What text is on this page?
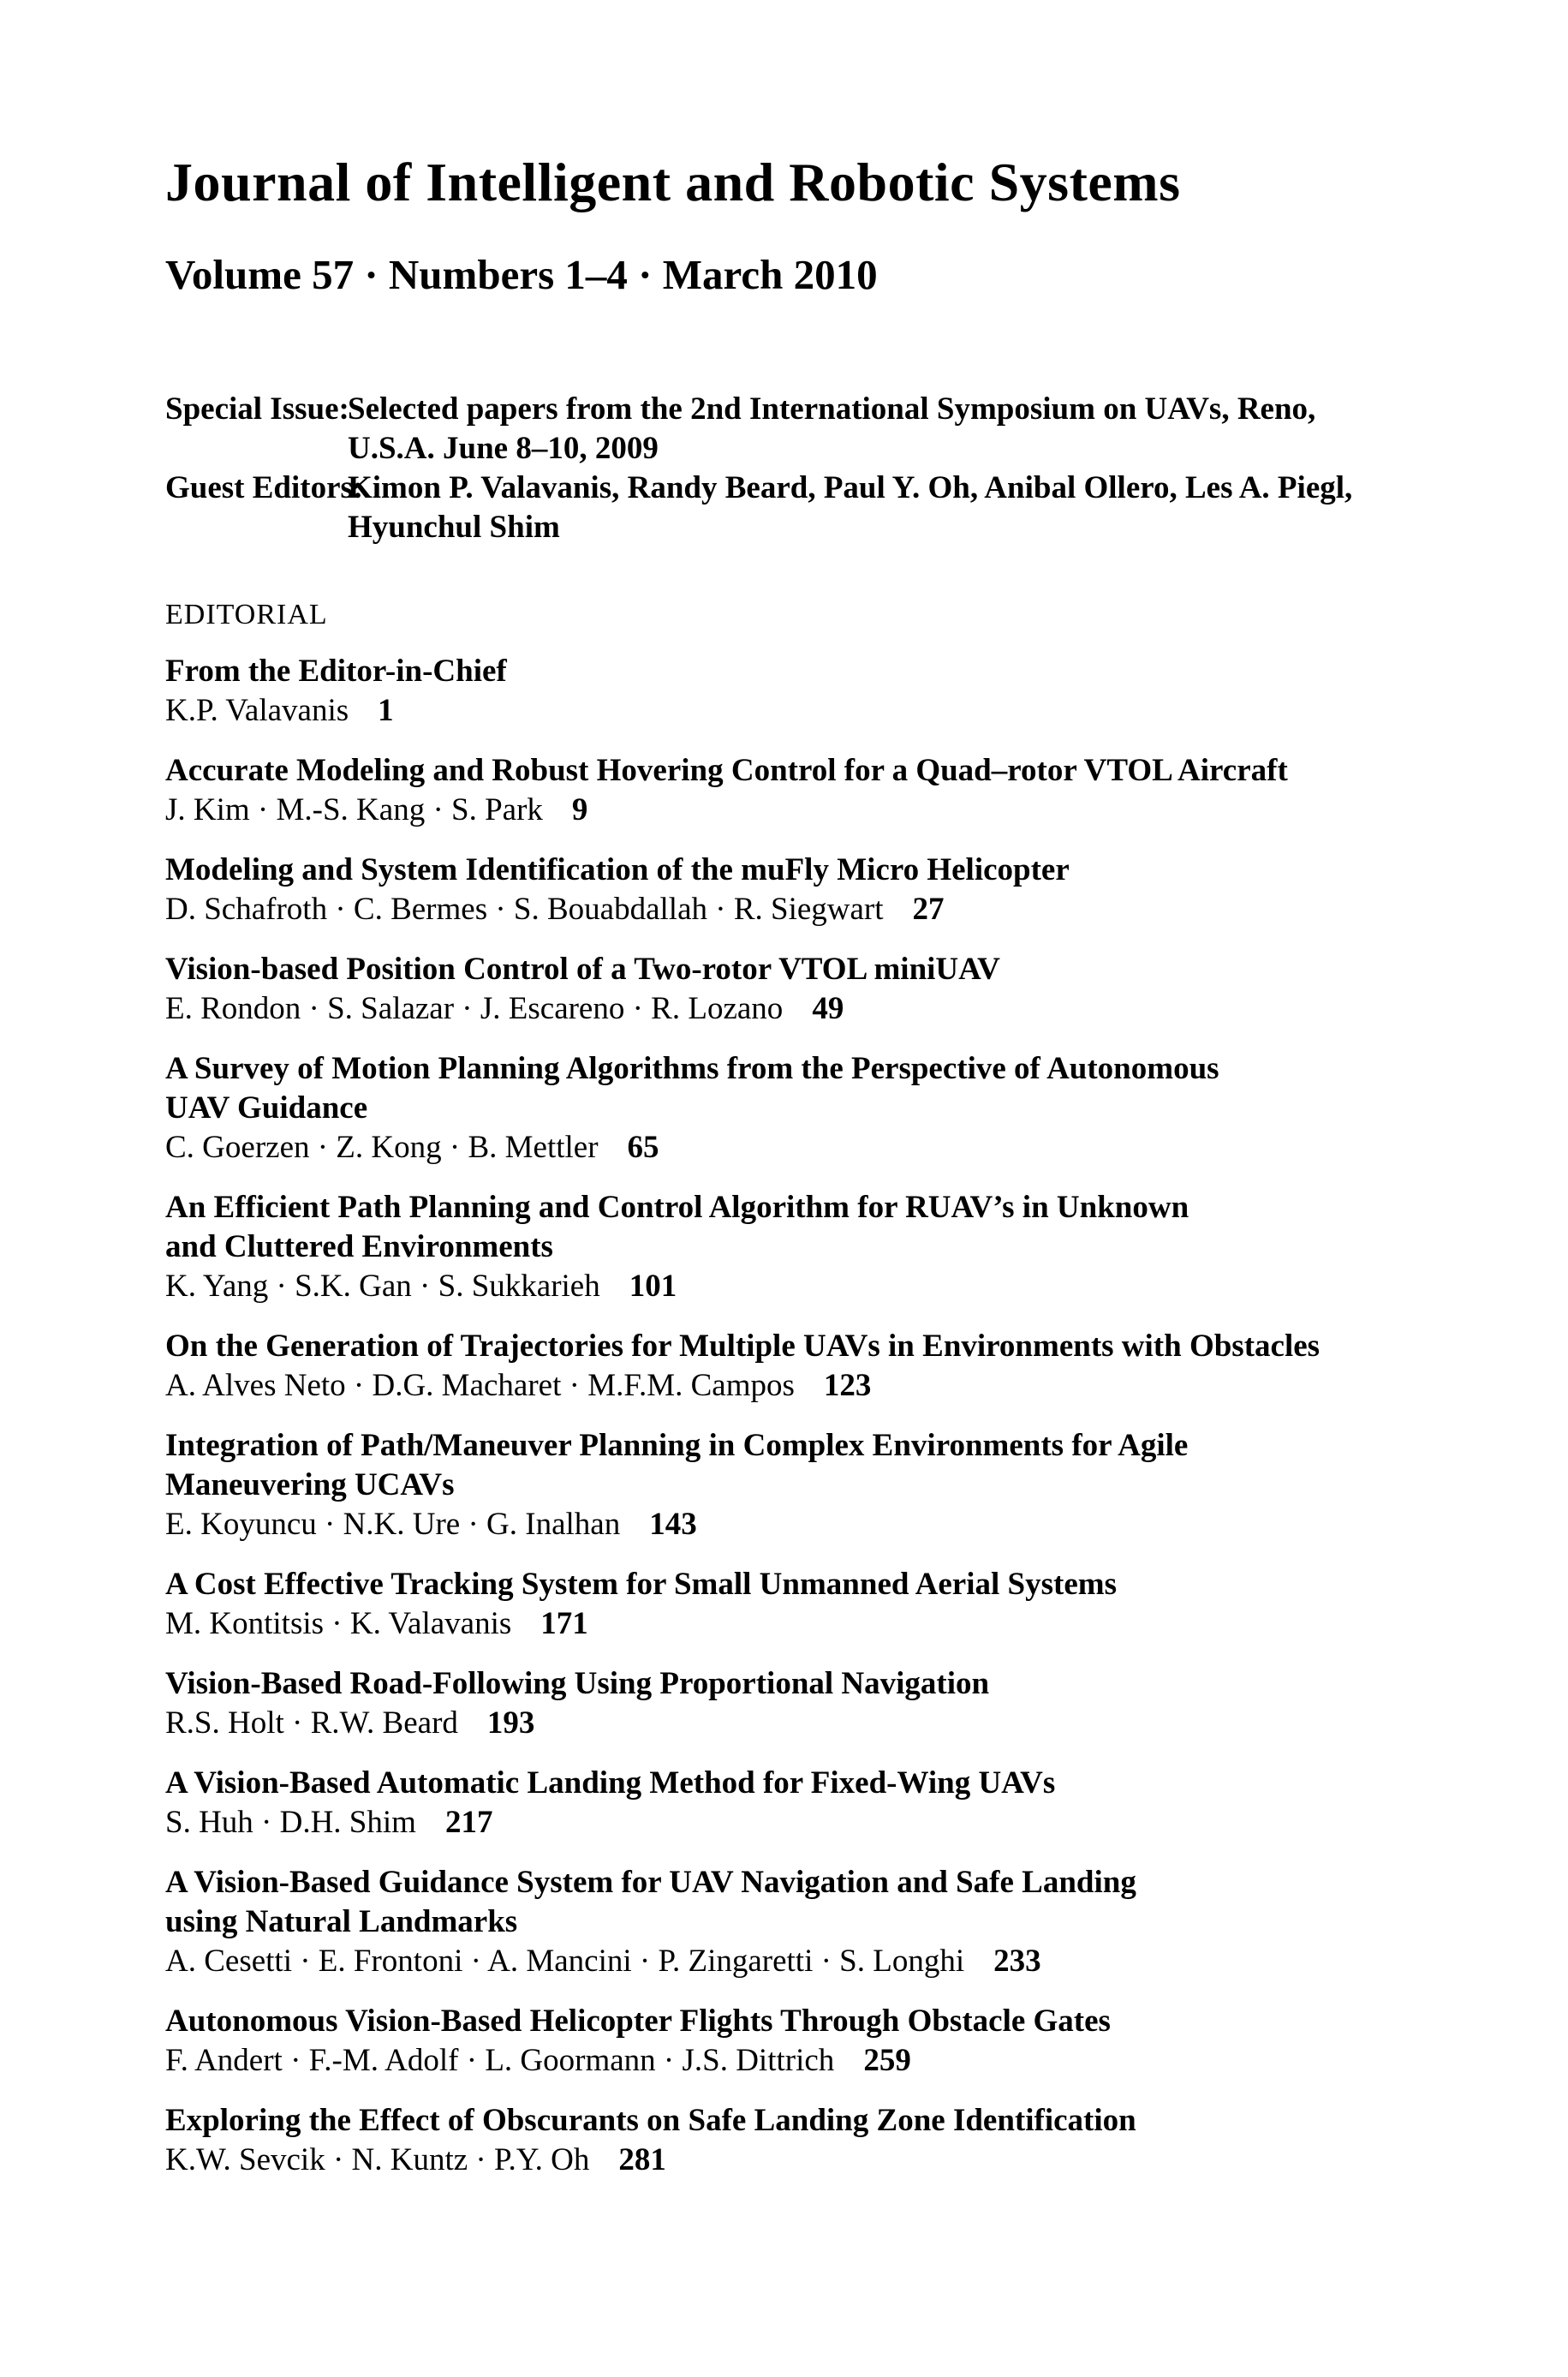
Journal of Intelligent and Robotic Systems
Volume 57 · Numbers 1–4 · March 2010
Special Issue:
Selected papers from the 2nd International Symposium on UAVs, Reno,
U.S.A. June 8–10, 2009
Guest Editors:
Kimon P. Valavanis, Randy Beard, Paul Y. Oh, Anibal Ollero, Les A. Piegl,
Hyunchul Shim
EDITORIAL
From the Editor-in-Chief
K.P. Valavanis 1
Accurate Modeling and Robust Hovering Control for a Quad–rotor VTOL Aircraft
J. Kim · M.-S. Kang · S. Park 9
Modeling and System Identification of the muFly Micro Helicopter
D. Schafroth · C. Bermes · S. Bouabdallah · R. Siegwart 27
Vision-based Position Control of a Two-rotor VTOL miniUAV
E. Rondon · S. Salazar · J. Escareno · R. Lozano 49
A Survey of Motion Planning Algorithms from the Perspective of Autonomous
UAV Guidance
C. Goerzen · Z. Kong · B. Mettler 65
An Efficient Path Planning and Control Algorithm for RUAV’s in Unknown
and Cluttered Environments
K. Yang · S.K. Gan · S. Sukkarieh 101
On the Generation of Trajectories for Multiple UAVs in Environments with Obstacles
A. Alves Neto · D.G. Macharet · M.F.M. Campos 123
Integration of Path/Maneuver Planning in Complex Environments for Agile
Maneuvering UCAVs
E. Koyuncu · N.K. Ure · G. Inalhan 143
A Cost Effective Tracking System for Small Unmanned Aerial Systems
M. Kontitsis · K. Valavanis 171
Vision-Based Road-Following Using Proportional Navigation
R.S. Holt · R.W. Beard 193
A Vision-Based Automatic Landing Method for Fixed-Wing UAVs
S. Huh · D.H. Shim 217
A Vision-Based Guidance System for UAV Navigation and Safe Landing
using Natural Landmarks
A. Cesetti · E. Frontoni · A. Mancini · P. Zingaretti · S. Longhi 233
Autonomous Vision-Based Helicopter Flights Through Obstacle Gates
F. Andert · F.-M. Adolf · L. Goormann · J.S. Dittrich 259
Exploring the Effect of Obscurants on Safe Landing Zone Identification
K.W. Sevcik · N. Kuntz · P.Y. Oh 281
